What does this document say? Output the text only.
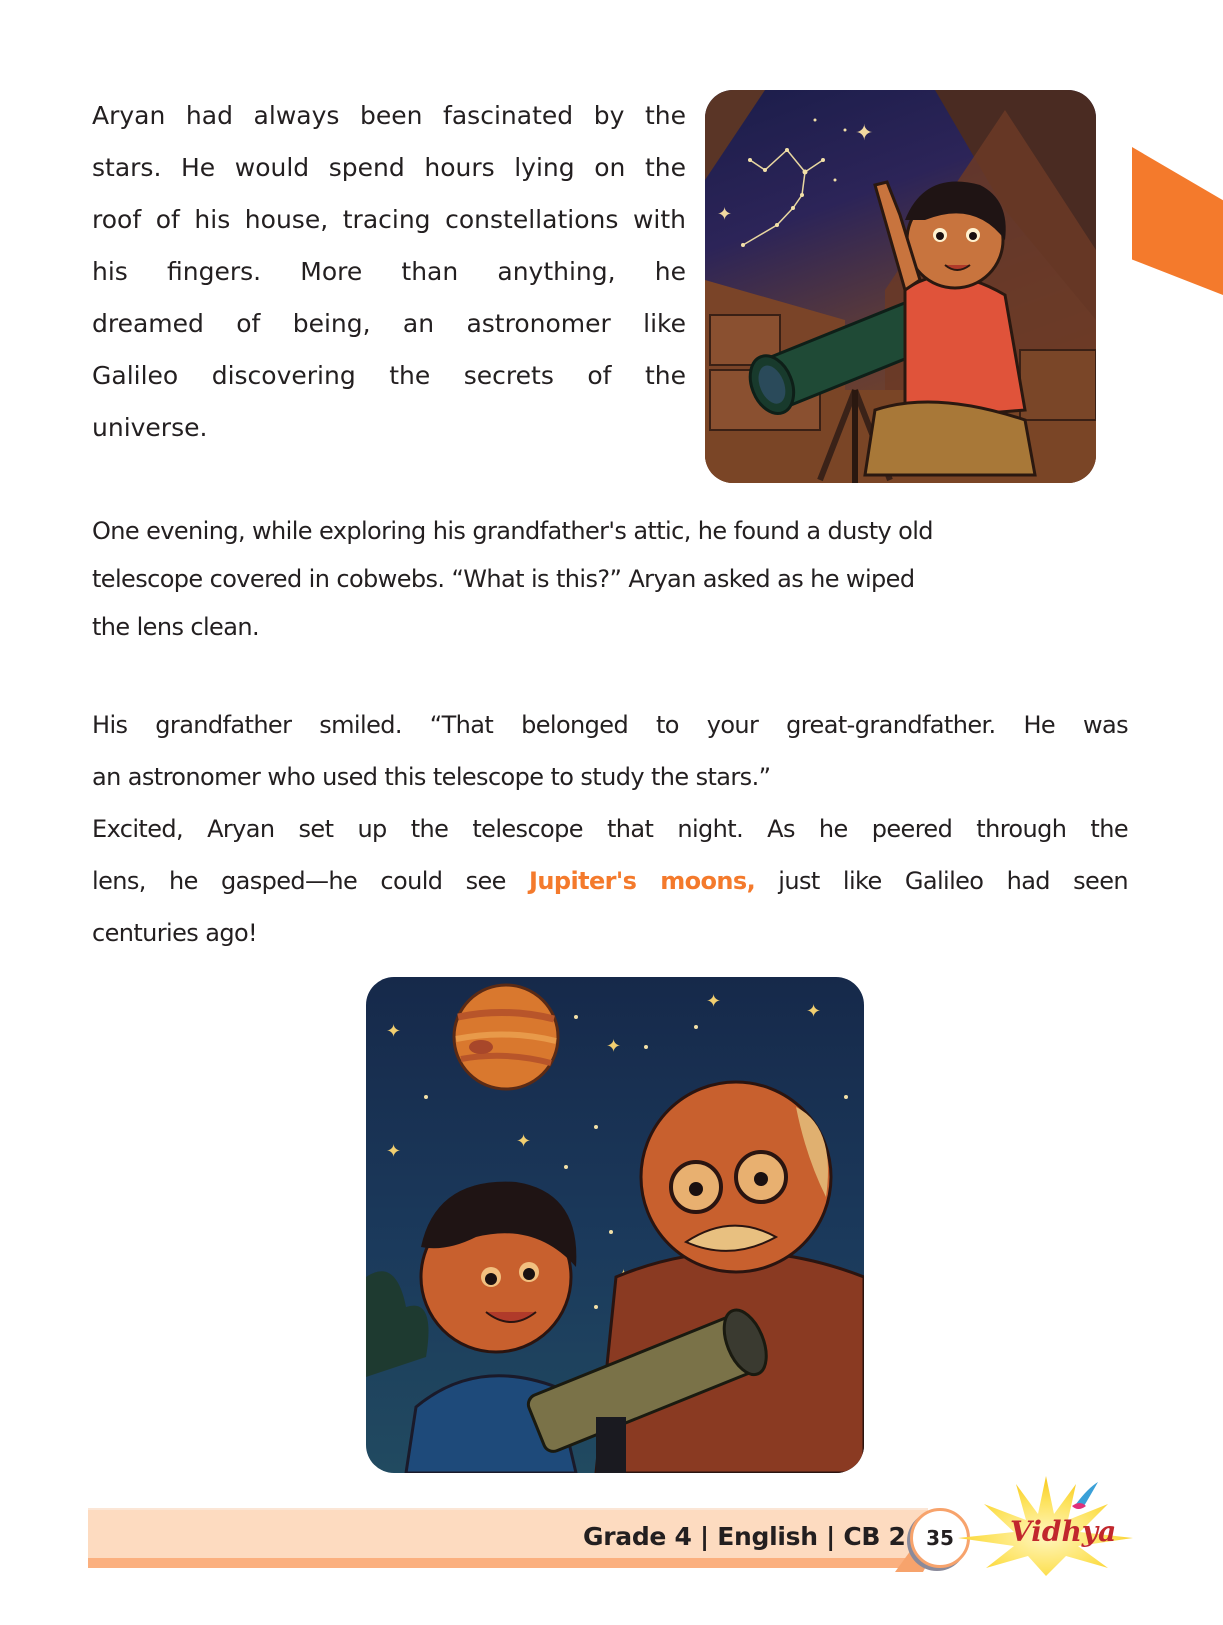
Aryan had always been fascinated by the
stars. He would spend hours lying on the
roof of his house, tracing constellations with
his fingers. More than anything, he
dreamed of being, an astronomer like
Galileo discovering the secrets of the
universe.
✦
✦
One evening, while exploring his grandfather's attic, he found a dusty old
telescope covered in cobwebs. “What is this?” Aryan asked as he wiped
the lens clean.
His grandfather smiled. “That belonged to your great-grandfather. He was
an astronomer who used this telescope to study the stars.”
Excited, Aryan set up the telescope that night. As he peered through the
lens, he gasped—he could see Jupiter's moons, just like Galileo had seen
centuries ago!
✦
✦	✦
✦
✦
✦
Grade 4 | English | CB 2 35 Vidhya
